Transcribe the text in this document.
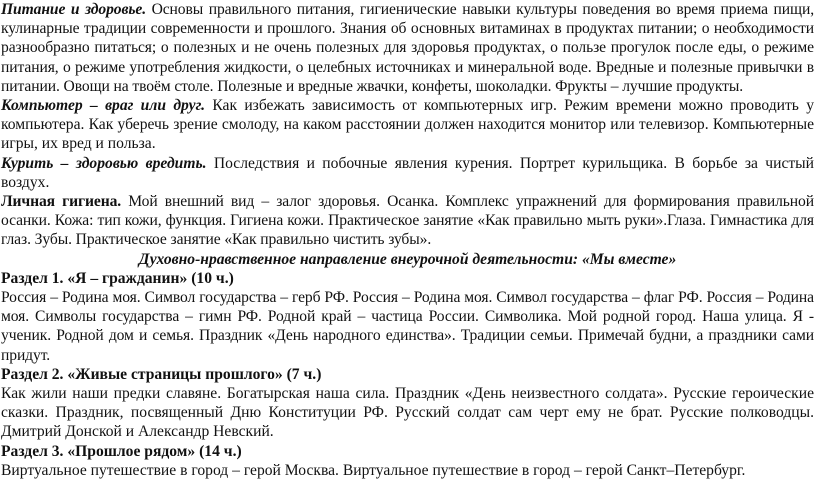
Питание и здоровье. Основы правильного питания, гигиенические навыки культуры поведения во время приема пищи, кулинарные традиции современности и прошлого. Знания об основных витаминах в продуктах питании; о необходимости разнообразно питаться; о полезных и не очень полезных для здоровья продуктах, о пользе прогулок после еды, о режиме питания, о режиме употребления жидкости, о целебных источниках и минеральной воде. Вредные и полезные привычки в питании. Овощи на твоём столе. Полезные и вредные жвачки, конфеты, шоколадки. Фрукты – лучшие продукты.

Компьютер – враг или друг. Как избежать зависимость от компьютерных игр. Режим времени можно проводить у компьютера. Как уберечь зрение смолоду, на каком расстоянии должен находится монитор или телевизор. Компьютерные игры, их вред и польза.

Курить – здоровью вредить. Последствия и побочные явления курения. Портрет курильщика. В борьбе за чистый воздух.

Личная гигиена. Мой внешний вид – залог здоровья. Осанка. Комплекс упражнений для формирования правильной осанки. Кожа: тип кожи, функция. Гигиена кожи. Практическое занятие «Как правильно мыть руки».Глаза. Гимнастика для глаз. Зубы. Практическое занятие «Как правильно чистить зубы».

Духовно-нравственное направление внеурочной деятельности: «Мы вместе»

Раздел 1. «Я – гражданин» (10 ч.)

Россия – Родина моя. Символ государства – герб РФ. Россия – Родина моя. Символ государства – флаг РФ. Россия – Родина моя. Символы государства – гимн РФ. Родной край – частица России. Символика. Мой родной город. Наша улица. Я - ученик. Родной дом и семья. Праздник «День народного единства». Традиции семьи. Примечай будни, а праздники сами придут.

Раздел 2. «Живые страницы прошлого» (7 ч.)

Как жили наши предки славяне. Богатырская наша сила. Праздник «День неизвестного солдата». Русские героические сказки. Праздник, посвященный Дню Конституции РФ. Русский солдат сам черт ему не брат. Русские полководцы. Дмитрий Донской и Александр Невский.

Раздел 3. «Прошлое рядом» (14 ч.)

Виртуальное путешествие в город – герой Москва. Виртуальное путешествие в город – герой Санкт–Петербург.
